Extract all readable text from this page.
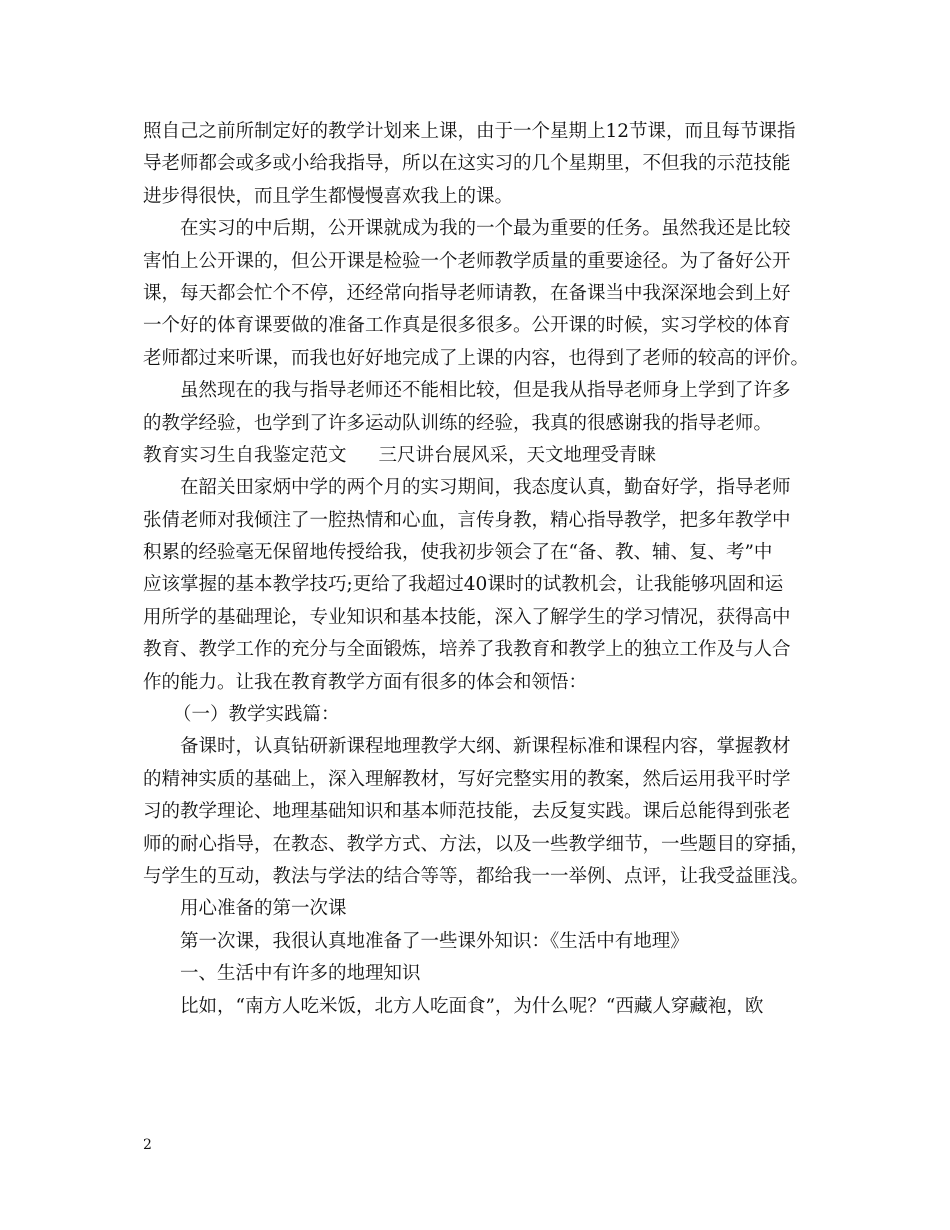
照自己之前所制定好的教学计划来上课，由于一个星期上12节课，而且每节课指
导老师都会或多或小给我指导，所以在这实习的几个星期里，不但我的示范技能
进步得很快，而且学生都慢慢喜欢我上的课。
在实习的中后期，公开课就成为我的一个最为重要的任务。虽然我还是比较
害怕上公开课的，但公开课是检验一个老师教学质量的重要途径。为了备好公开
课，每天都会忙个不停，还经常向指导老师请教，在备课当中我深深地会到上好
一个好的体育课要做的准备工作真是很多很多。公开课的时候，实习学校的体育
老师都过来听课，而我也好好地完成了上课的内容，也得到了老师的较高的评价。
虽然现在的我与指导老师还不能相比较，但是我从指导老师身上学到了许多
的教学经验，也学到了许多运动队训练的经验，我真的很感谢我的指导老师。
教育实习生自我鉴定范文 三尺讲台展风采，天文地理受青睐
在韶关田家炳中学的两个月的实习期间，我态度认真，勤奋好学，指导老师
张倩老师对我倾注了一腔热情和心血，言传身教，精心指导教学，把多年教学中
积累的经验毫无保留地传授给我，使我初步领会了在“备、教、辅、复、考”中
应该掌握的基本教学技巧;更给了我超过40课时的试教机会，让我能够巩固和运
用所学的基础理论，专业知识和基本技能，深入了解学生的学习情况，获得高中
教育、教学工作的充分与全面锻炼，培养了我教育和教学上的独立工作及与人合
作的能力。让我在教育教学方面有很多的体会和领悟：
（一）教学实践篇：
备课时，认真钻研新课程地理教学大纲、新课程标准和课程内容，掌握教材
的精神实质的基础上，深入理解教材，写好完整实用的教案，然后运用我平时学
习的教学理论、地理基础知识和基本师范技能，去反复实践。课后总能得到张老
师的耐心指导，在教态、教学方式、方法，以及一些教学细节，一些题目的穿插，
与学生的互动，教法与学法的结合等等，都给我一一举例、点评，让我受益匪浅。
用心准备的第一次课
第一次课，我很认真地准备了一些课外知识：《生活中有地理》
一、生活中有许多的地理知识
比如，“南方人吃米饭，北方人吃面食”，为什么呢？“西藏人穿藏袍，欧
2
